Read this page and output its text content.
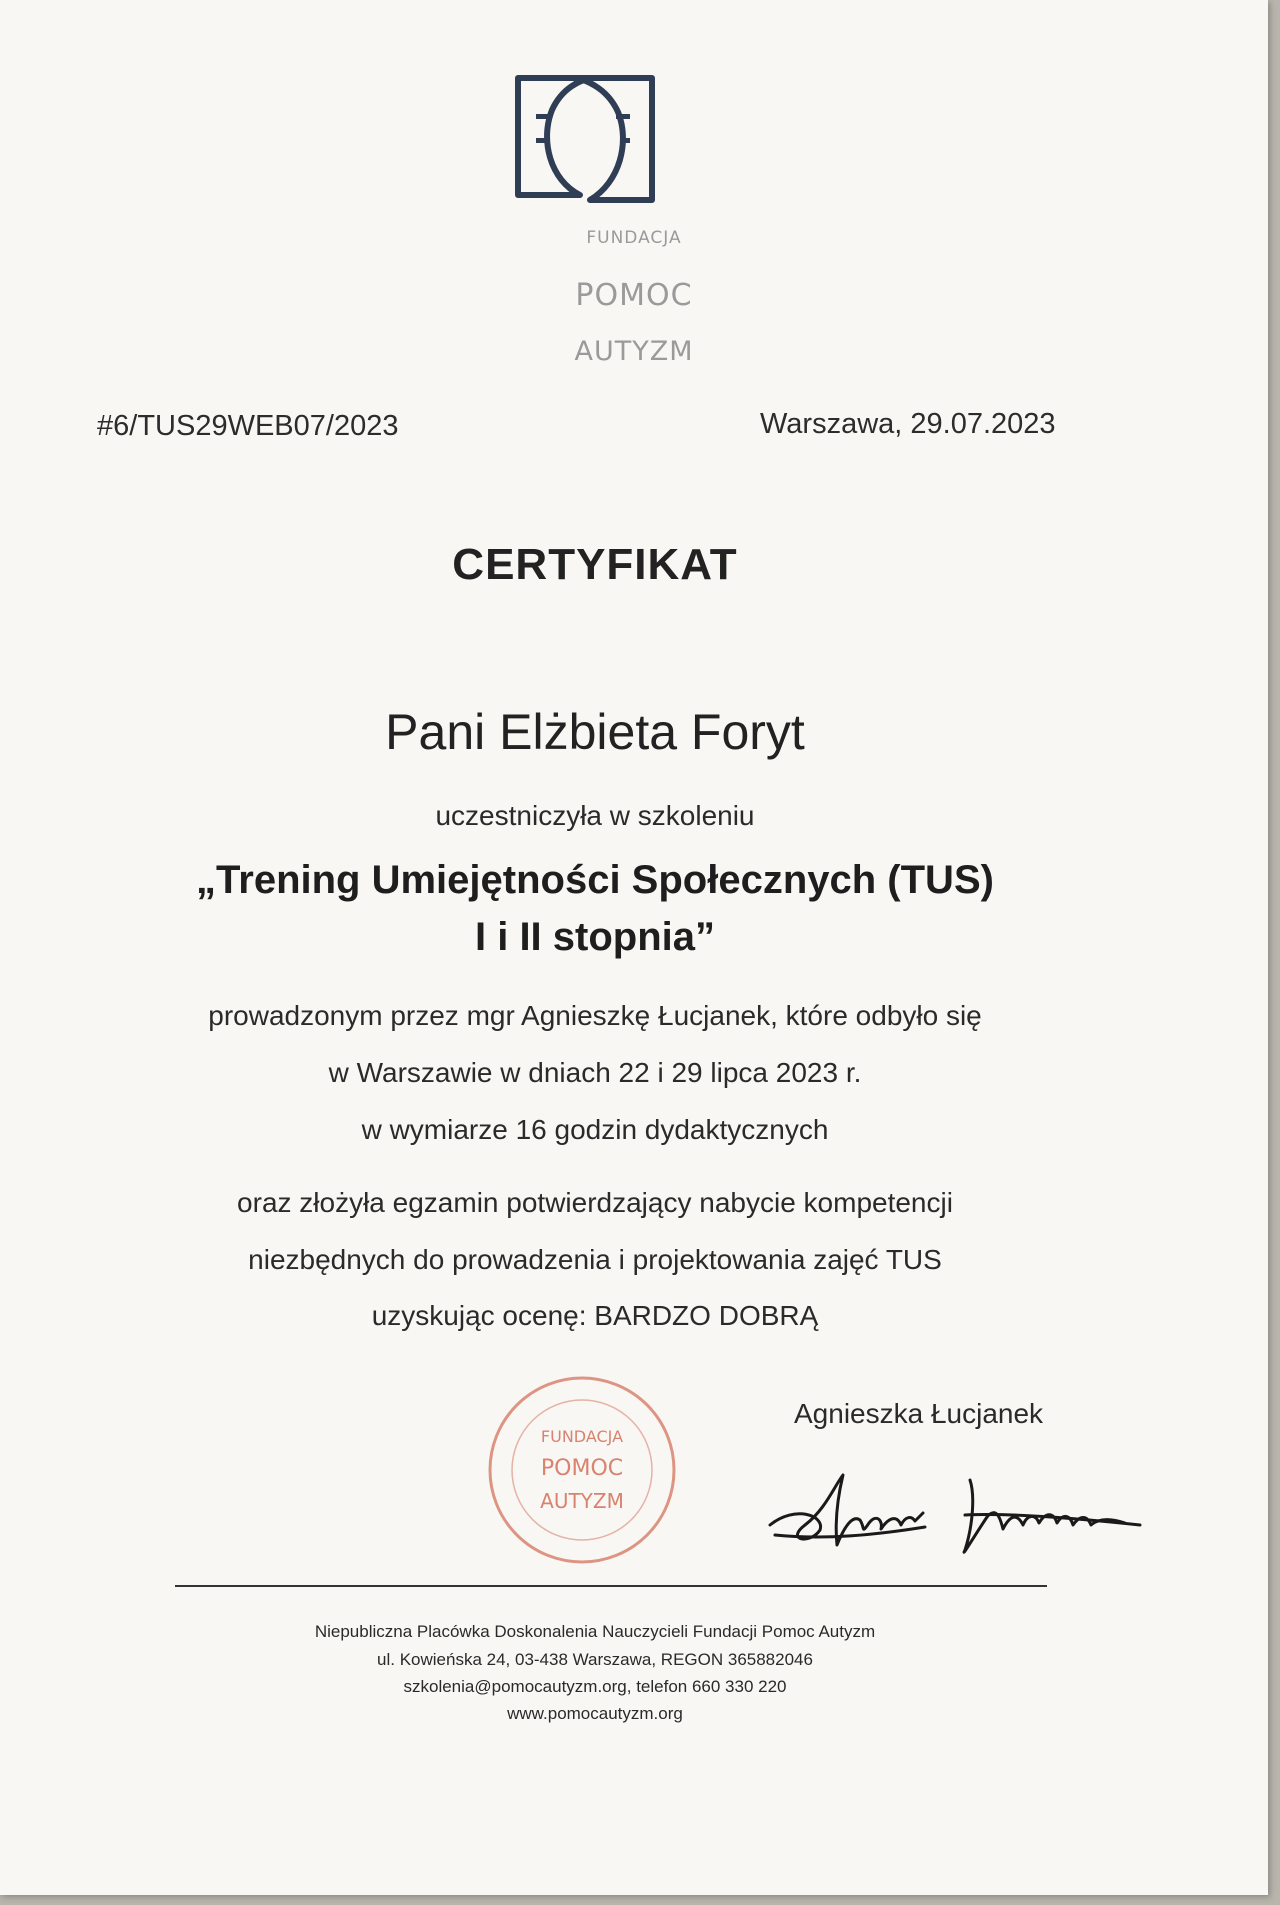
FUNDACJA
POMOC
AUTYZM
#6/TUS29WEB07/2023	Warszawa, 29.07.2023
CERTYFIKAT
Pani Elżbieta Foryt
uczestniczyła w szkoleniu
„Trening Umiejętności Społecznych (TUS)
I i II stopnia”
prowadzonym przez mgr Agnieszkę Łucjanek, które odbyło się
w Warszawie w dniach 22 i 29 lipca 2023 r.
w wymiarze 16 godzin dydaktycznych
oraz złożyła egzamin potwierdzający nabycie kompetencji
niezbędnych do prowadzenia i projektowania zajęć TUS
uzyskując ocenę: BARDZO DOBRĄ
FUNDACJA
POMOC
AUTYZM
Agnieszka Łucjanek
Niepubliczna Placówka Doskonalenia Nauczycieli Fundacji Pomoc Autyzm
ul. Kowieńska 24, 03-438 Warszawa, REGON 365882046
szkolenia@pomocautyzm.org, telefon 660 330 220
www.pomocautyzm.org
